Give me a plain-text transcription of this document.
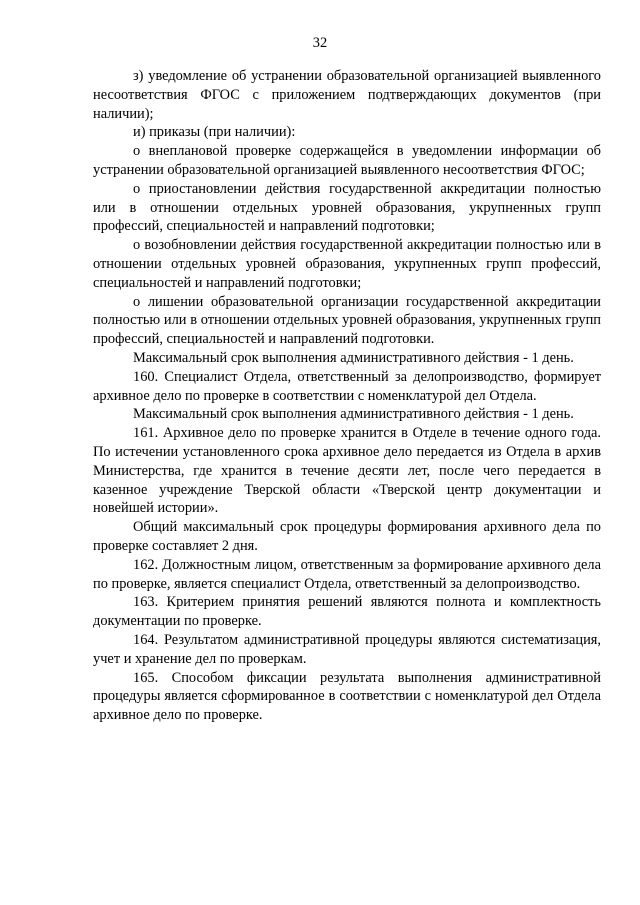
32

з) уведомление об устранении образовательной организацией выявленного несоответствия ФГОС с приложением подтверждающих документов (при наличии);

и) приказы (при наличии):

о внеплановой проверке содержащейся в уведомлении информации об устранении образовательной организацией выявленного несоответствия ФГОС;

о приостановлении действия государственной аккредитации полностью или в отношении отдельных уровней образования, укрупненных групп профессий, специальностей и направлений подготовки;

о возобновлении действия государственной аккредитации полностью или в отношении отдельных уровней образования, укрупненных групп профессий, специальностей и направлений подготовки;

о лишении образовательной организации государственной аккредитации полностью или в отношении отдельных уровней образования, укрупненных групп профессий, специальностей и направлений подготовки.

Максимальный срок выполнения административного действия - 1 день.

160. Специалист Отдела, ответственный за делопроизводство, формирует архивное дело по проверке в соответствии с номенклатурой дел Отдела.

Максимальный срок выполнения административного действия - 1 день.

161. Архивное дело по проверке хранится в Отделе в течение одного года. По истечении установленного срока архивное дело передается из Отдела в архив Министерства, где хранится в течение десяти лет, после чего передается в казенное учреждение Тверской области «Тверской центр документации и новейшей истории».

Общий максимальный срок процедуры формирования архивного дела по проверке составляет 2 дня.

162. Должностным лицом, ответственным за формирование архивного дела по проверке, является специалист Отдела, ответственный за делопроизводство.

163. Критерием принятия решений являются полнота и комплектность документации по проверке.

164. Результатом административной процедуры являются систематизация, учет и хранение дел по проверкам.

165. Способом фиксации результата выполнения административной процедуры является сформированное в соответствии с номенклатурой дел Отдела архивное дело по проверке.
